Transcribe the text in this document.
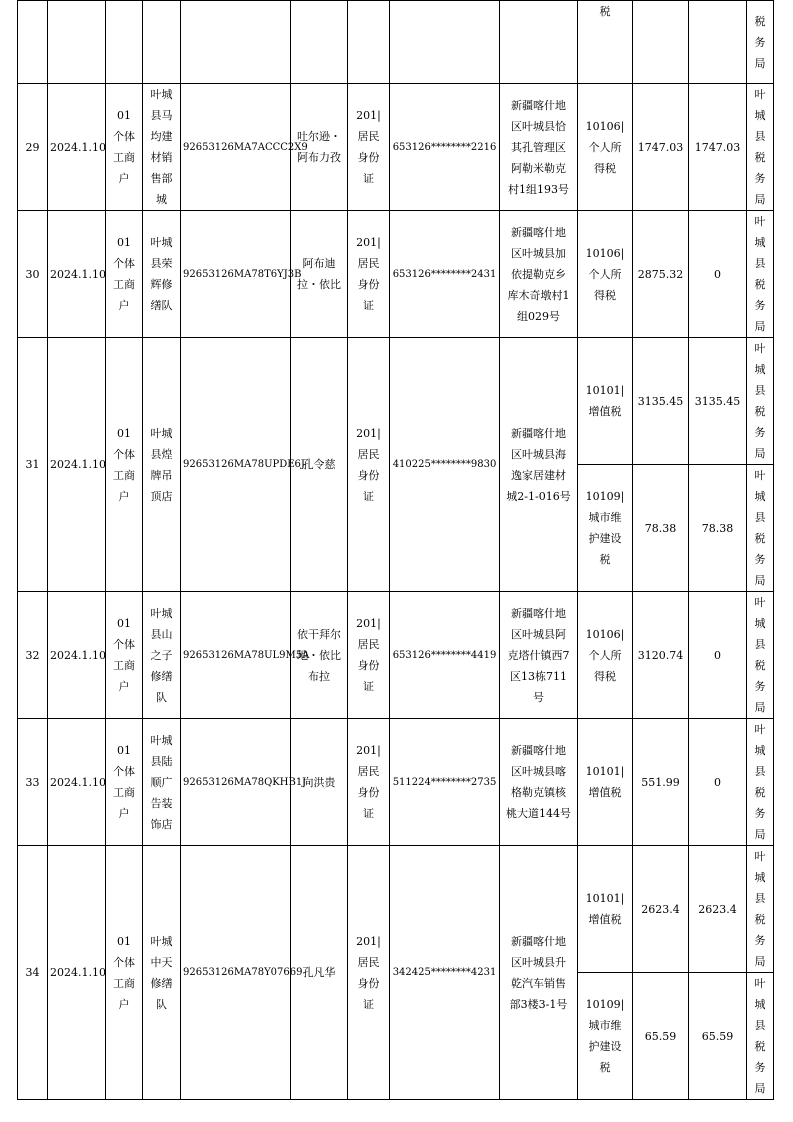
									税			税务局
29	2024.1.10	01个体工商户	叶城县马均建材销售部城	92653126MA7ACCC2X9	吐尔逊・阿布力孜	201|居民身份证	653126********2216	新疆喀什地区叶城县恰其孔管理区阿勒米勒克村1组193号	10106|个人所得税	1747.03	1747.03	叶城县税务局
30	2024.1.10	01个体工商户	叶城县荣辉修缮队	92653126MA78T6YJ3B	阿布迪拉・依比	201|居民身份证	653126********2431	新疆喀什地区叶城县加依提勒克乡库木奇墩村1组029号	10106|个人所得税	2875.32	0	叶城县税务局
31	2024.1.10	01个体工商户	叶城县煌牌吊顶店	92653126MA78UPDE6J	孔令慈	201|居民身份证	410225********9830	新疆喀什地区叶城县海逸家居建材城2-1-016号	10101|增值税	3135.45	3135.45	叶城县税务局
									10109|城市维护建设税	78.38	78.38	叶城县税务局
32	2024.1.10	01个体工商户	叶城县山之子修缮队	92653126MA78UL9M5A	依干拜尔地・依比布拉	201|居民身份证	653126********4419	新疆喀什地区叶城县阿克塔什镇西7区13栋711号	10106|个人所得税	3120.74	0	叶城县税务局
33	2024.1.10	01个体工商户	叶城县陆顺广告装饰店	92653126MA78QKHB1J	向洪贵	201|居民身份证	511224********2735	新疆喀什地区叶城县喀格勒克镇核桃大道144号	10101|增值税	551.99	0	叶城县税务局
34	2024.1.10	01个体工商户	叶城中天修缮队	92653126MA78Y07669	孔凡华	201|居民身份证	342425********4231	新疆喀什地区叶城县升乾汽车销售部3楼3-1号	10101|增值税	2623.4	2623.4	叶城县税务局
									10109|城市维护建设税	65.59	65.59	叶城县税务局
